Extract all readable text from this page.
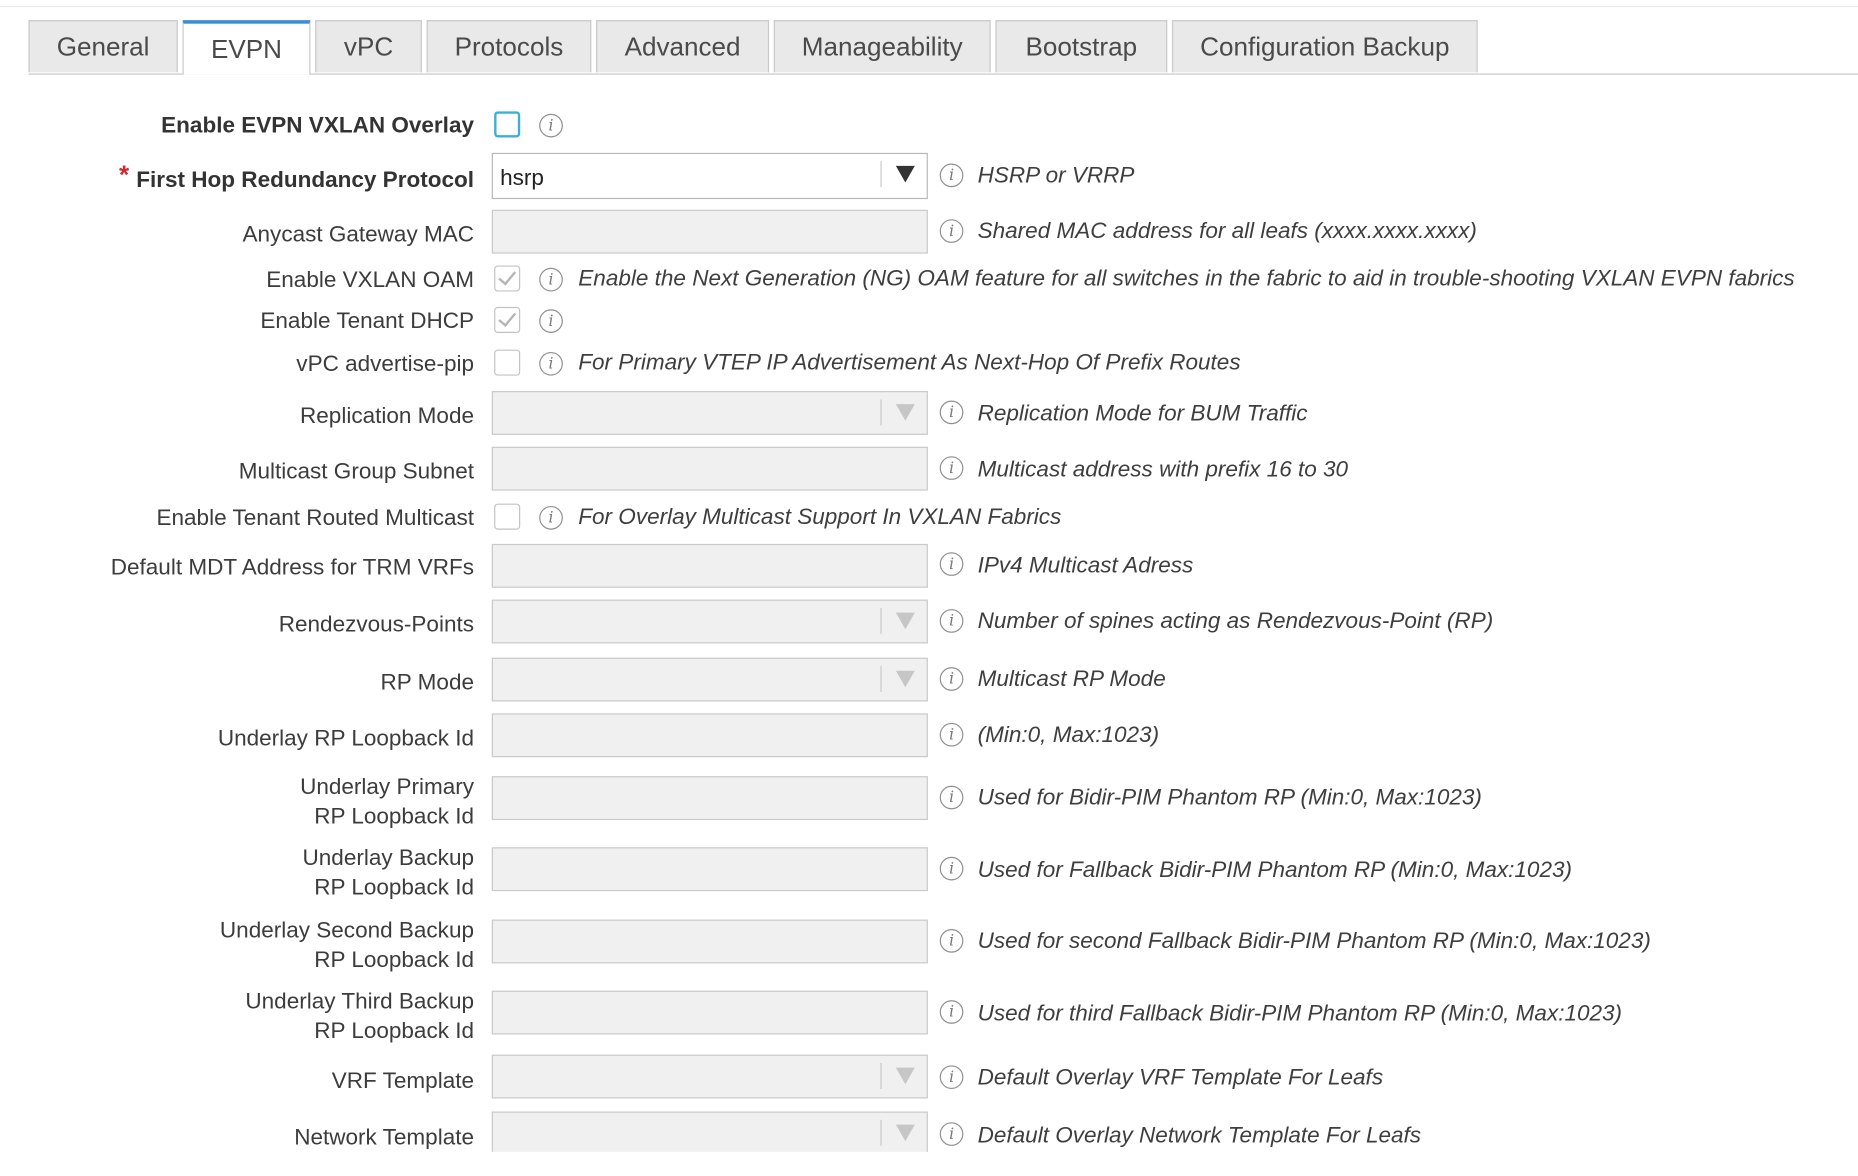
General	EVPN	vPC	Protocols	Advanced	Manageability	Bootstrap	Configuration Backup
Enable EVPN VXLAN Overlay	i
* First Hop Redundancy Protocol hsrp	i	HSRP or VRRP
Anycast Gateway MAC	i	Shared MAC address for all leafs (xxxx.xxxx.xxxx)
Enable VXLAN OAM	i	Enable the Next Generation (NG) OAM feature for all switches in the fabric to aid in trouble-shooting VXLAN EVPN fabrics
Enable Tenant DHCP	i
vPC advertise-pip	i	For Primary VTEP IP Advertisement As Next-Hop Of Prefix Routes
Replication Mode	i	Replication Mode for BUM Traffic
Multicast Group Subnet	i	Multicast address with prefix 16 to 30
Enable Tenant Routed Multicast	i	For Overlay Multicast Support In VXLAN Fabrics
Default MDT Address for TRM VRFs	i	IPv4 Multicast Adress
Rendezvous-Points	i	Number of spines acting as Rendezvous-Point (RP)
RP Mode	i	Multicast RP Mode
Underlay RP Loopback Id	i	(Min:0, Max:1023)
Underlay Primary
RP Loopback Id
i	Used for Bidir-PIM Phantom RP (Min:0, Max:1023)
Underlay Backup
RP Loopback Id
i	Used for Fallback Bidir-PIM Phantom RP (Min:0, Max:1023)
Underlay Second Backup
RP Loopback Id
i	Used for second Fallback Bidir-PIM Phantom RP (Min:0, Max:1023)
Underlay Third Backup
RP Loopback Id
i	Used for third Fallback Bidir-PIM Phantom RP (Min:0, Max:1023)
VRF Template	i	Default Overlay VRF Template For Leafs
Network Template	i	Default Overlay Network Template For Leafs
